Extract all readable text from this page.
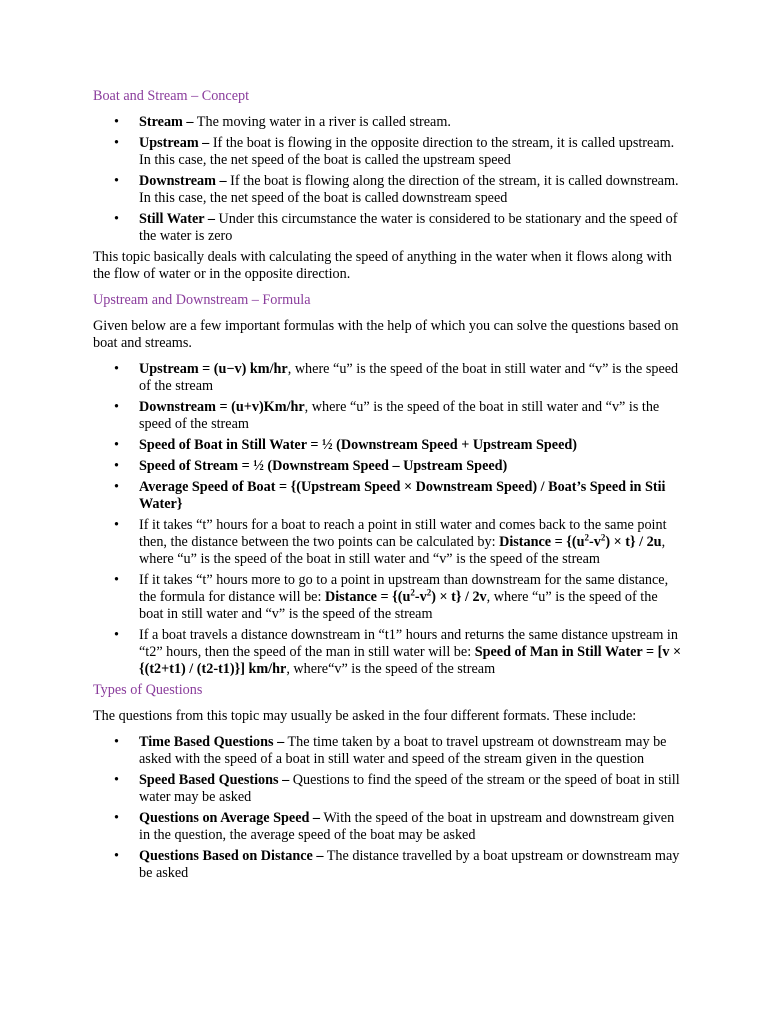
Boat and Stream – Concept
• Stream – The moving water in a river is called stream.
• Upstream – If the boat is flowing in the opposite direction to the stream, it is called upstream. In this case, the net speed of the boat is called the upstream speed
• Downstream – If the boat is flowing along the direction of the stream, it is called downstream. In this case, the net speed of the boat is called downstream speed
• Still Water – Under this circumstance the water is considered to be stationary and the speed of the water is zero
This topic basically deals with calculating the speed of anything in the water when it flows along with the flow of water or in the opposite direction.
Upstream and Downstream – Formula
Given below are a few important formulas with the help of which you can solve the questions based on boat and streams.
• Upstream = (u−v) km/hr, where “u” is the speed of the boat in still water and “v” is the speed of the stream
• Downstream = (u+v)Km/hr, where “u” is the speed of the boat in still water and “v” is the speed of the stream
• Speed of Boat in Still Water = ½ (Downstream Speed + Upstream Speed)
• Speed of Stream = ½ (Downstream Speed – Upstream Speed)
• Average Speed of Boat = {(Upstream Speed × Downstream Speed) / Boat’s Speed in Stii Water}
• If it takes “t” hours for a boat to reach a point in still water and comes back to the same point then, the distance between the two points can be calculated by: Distance = $\{(u^2-v^2) \times t\} / 2u$, where “u” is the speed of the boat in still water and “v” is the speed of the stream
• If it takes “t” hours more to go to a point in upstream than downstream for the same distance, the formula for distance will be: Distance = $\{(u^2-v^2) \times t\} / 2v$, where “u” is the speed of the boat in still water and “v” is the speed of the stream
• If a boat travels a distance downstream in “t1” hours and returns the same distance upstream in “t2” hours, then the speed of the man in still water will be: Speed of Man in Still Water = [v × {(t2+t1) / (t2-t1)}] km/hr, where“v” is the speed of the stream
Types of Questions
The questions from this topic may usually be asked in the four different formats. These include:
• Time Based Questions – The time taken by a boat to travel upstream ot downstream may be asked with the speed of a boat in still water and speed of the stream given in the question
• Speed Based Questions – Questions to find the speed of the stream or the speed of boat in still water may be asked
• Questions on Average Speed – With the speed of the boat in upstream and downstream given in the question, the average speed of the boat may be asked
• Questions Based on Distance – The distance travelled by a boat upstream or downstream may be asked
